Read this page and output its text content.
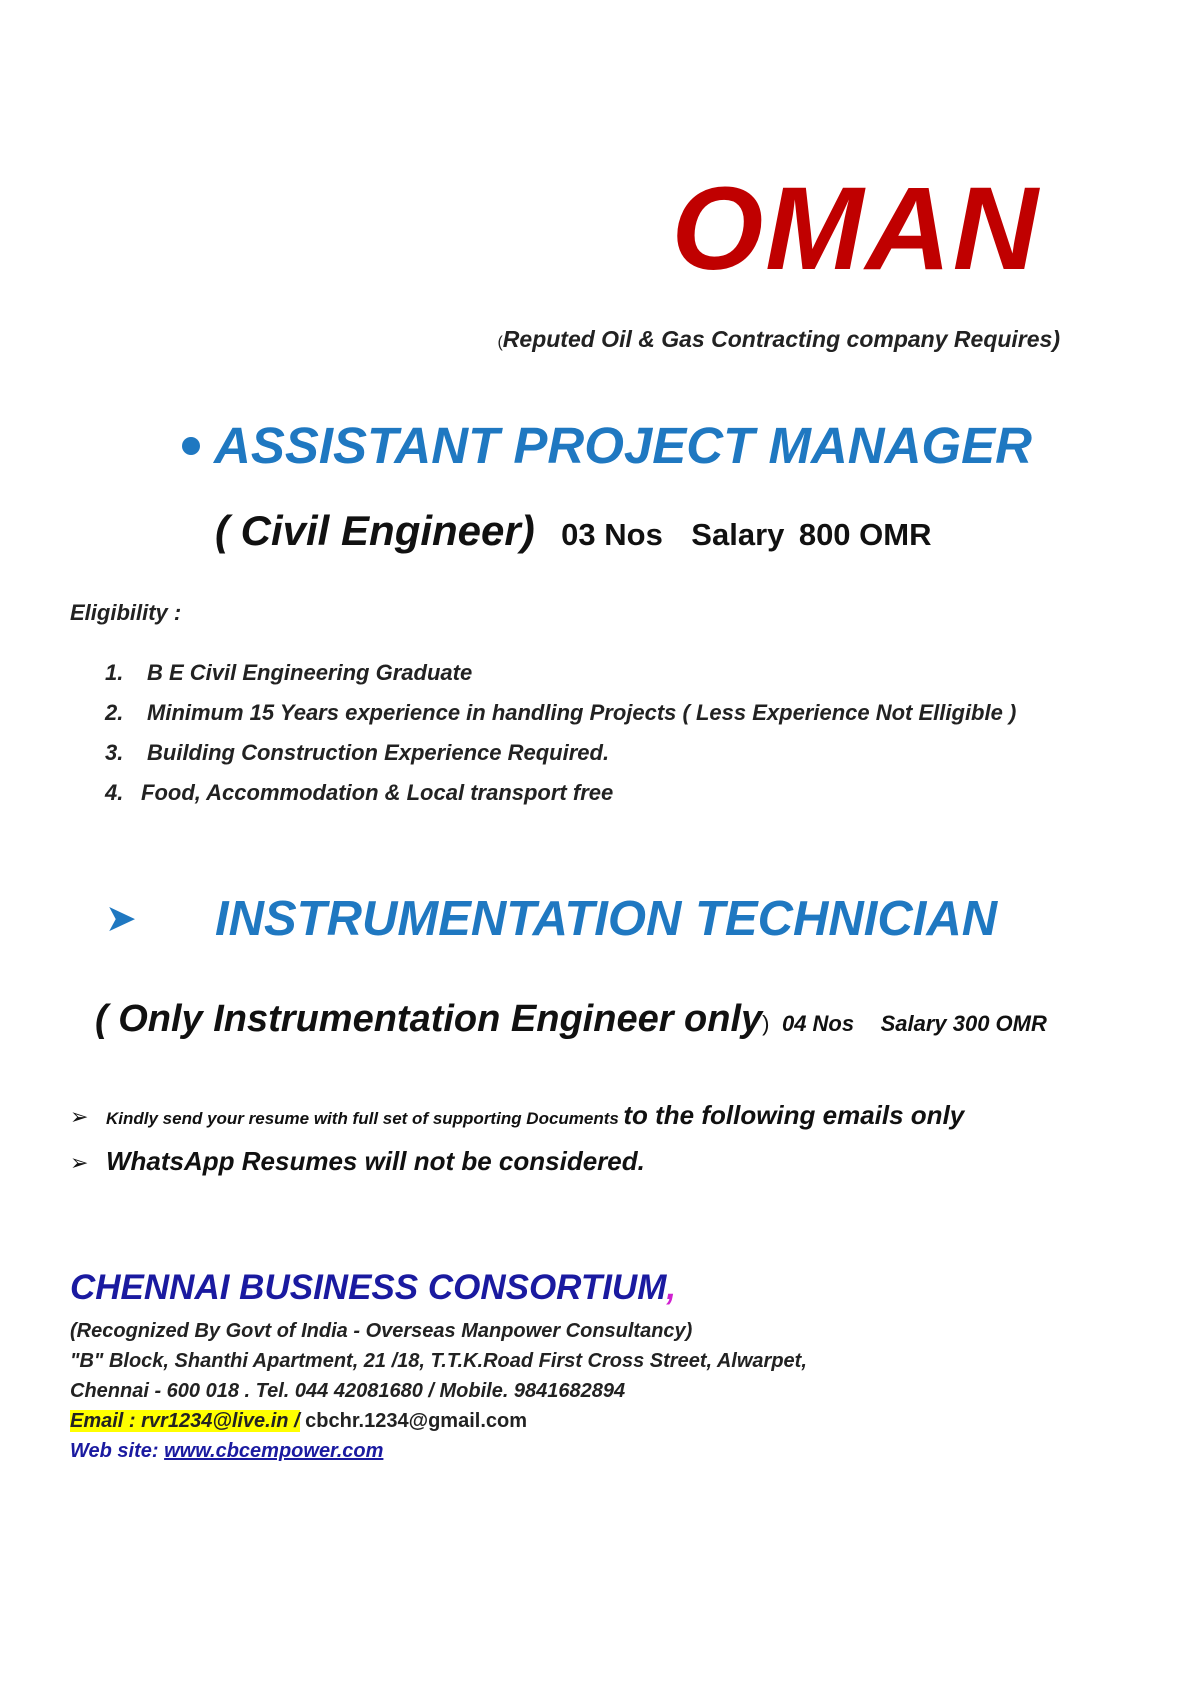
OMAN
(Reputed Oil & Gas Contracting company Requires)
ASSISTANT PROJECT MANAGER
( Civil Engineer) 03 Nos Salary 800 OMR
Eligibility :
1. B E Civil Engineering Graduate
2. Minimum 15 Years experience in handling Projects ( Less Experience Not Elligible )
3. Building Construction Experience Required.
4. Food, Accommodation & Local transport free
➤ INSTRUMENTATION TECHNICIAN
( Only Instrumentation Engineer only) 04 Nos Salary 300 OMR
➢ Kindly send your resume with full set of supporting Documents to the following emails only
➢ WhatsApp Resumes will not be considered.
CHENNAI BUSINESS CONSORTIUM,
(Recognized By Govt of India - Overseas Manpower Consultancy)
"B" Block, Shanthi Apartment, 21 /18, T.T.K.Road First Cross Street, Alwarpet,
Chennai - 600 018 . Tel. 044 42081680 / Mobile. 9841682894
Email : rvr1234@live.in / cbchr.1234@gmail.com
Web site: www.cbcempower.com
